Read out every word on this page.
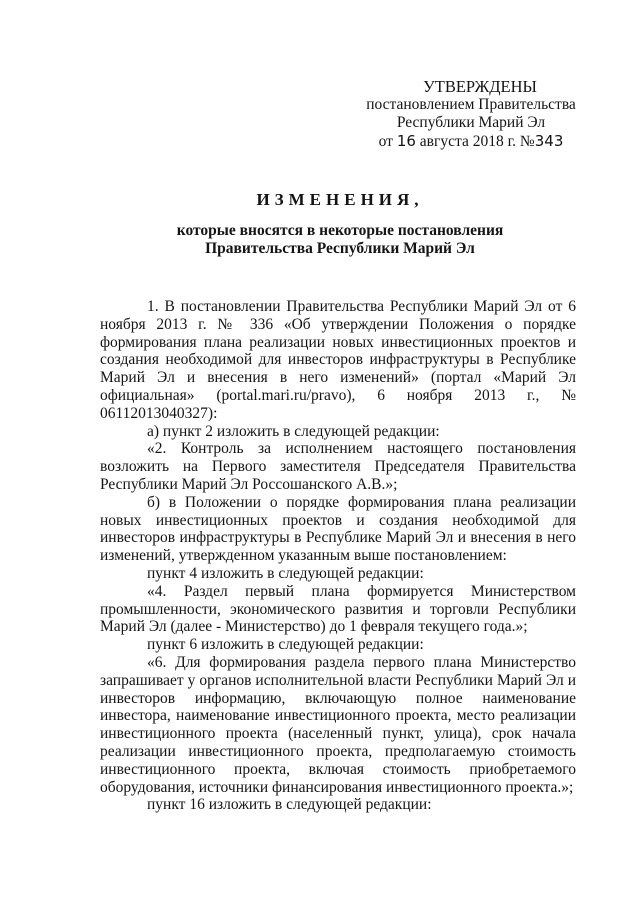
УТВЕРЖДЕНЫ
постановлением Правительства
Республики Марий Эл
от 16 августа 2018 г. №343
ИЗМЕНЕНИЯ,
которые вносятся в некоторые постановления
Правительства Республики Марий Эл

1. В постановлении Правительства Республики Марий Эл от 6 ноября 2013 г. № 336 «Об утверждении Положения о порядке формирования плана реализации новых инвестиционных проектов и создания необходимой для инвесторов инфраструктуры в Республике Марий Эл и внесения в него изменений» (портал «Марий Эл официальная» (portal.mari.ru/pravo), 6 ноября 2013 г., № 06112013040327):

а) пункт 2 изложить в следующей редакции:

«2. Контроль за исполнением настоящего постановления возложить на Первого заместителя Председателя Правительства Республики Марий Эл Россошанского А.В.»;

б) в Положении о порядке формирования плана реализации новых инвестиционных проектов и создания необходимой для инвесторов инфраструктуры в Республике Марий Эл и внесения в него изменений, утвержденном указанным выше постановлением:

пункт 4 изложить в следующей редакции:

«4. Раздел первый плана формируется Министерством промышленности, экономического развития и торговли Республики Марий Эл (далее - Министерство) до 1 февраля текущего года.»;

пункт 6 изложить в следующей редакции:

«6. Для формирования раздела первого плана Министерство запрашивает у органов исполнительной власти Республики Марий Эл и инвесторов информацию, включающую полное наименование инвестора, наименование инвестиционного проекта, место реализации инвестиционного проекта (населенный пункт, улица), срок начала реализации инвестиционного проекта, предполагаемую стоимость инвестиционного проекта, включая стоимость приобретаемого оборудования, источники финансирования инвестиционного проекта.»;

пункт 16 изложить в следующей редакции:
